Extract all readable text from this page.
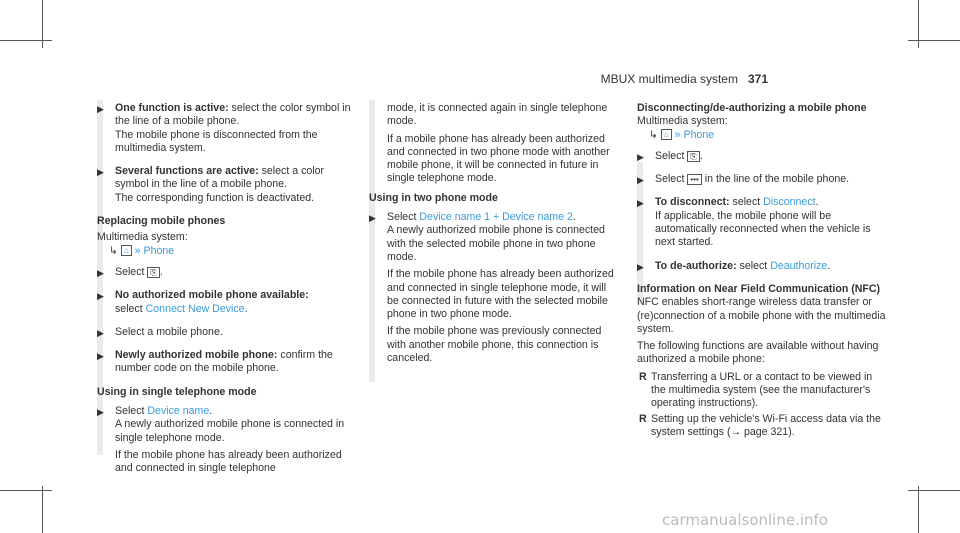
MBUX multimedia system 371
▶ One function is active: select the color symbol in the line of a mobile phone.
The mobile phone is disconnected from the multimedia system.
▶ Several functions are active: select a color symbol in the line of a mobile phone.
The corresponding function is deactivated.
Replacing mobile phones
Multimedia system:
↳ ⌂ » Phone
▶ Select ⎘ .
▶ No authorized mobile phone available:
select Connect New Device.
▶ Select a mobile phone.
▶ Newly authorized mobile phone: confirm the number code on the mobile phone.
Using in single telephone mode
▶ Select Device name.

A newly authorized mobile phone is connected in single telephone mode.

If the mobile phone has already been authorized and connected in single telephone

mode, it is connected again in single telephone mode.

If a mobile phone has already been authorized and connected in two phone mode with another mobile phone, it will be connected in future in single telephone mode.

Using in two phone mode
▶ Select Device name 1 + Device name 2.

A newly authorized mobile phone is connected with the selected mobile phone in two phone mode.

If the mobile phone has already been authorized and connected in single telephone mode, it will be connected in future with the selected mobile phone in two phone mode.

If the mobile phone was previously connected with another mobile phone, this connection is canceled.

Disconnecting/de-authorizing a mobile phone
Multimedia system:
↳ ⌂ » Phone
▶ Select ⎘ .
▶ Select ••• in the line of the mobile phone.
▶ To disconnect: select Disconnect.

If applicable, the mobile phone will be automatically reconnected when the vehicle is next started.

▶ To de-authorize: select Deauthorize.
Information on Near Field Communication (NFC)

NFC enables short-range wireless data transfer or (re)connection of a mobile phone with the multimedia system.

The following functions are available without having authorized a mobile phone:

R Transferring a URL or a contact to be viewed in the multimedia system (see the manufacturer's operating instructions).
R Setting up the vehicle's Wi-Fi access data via the system settings (→ page 321).
carmanualsonline.info
